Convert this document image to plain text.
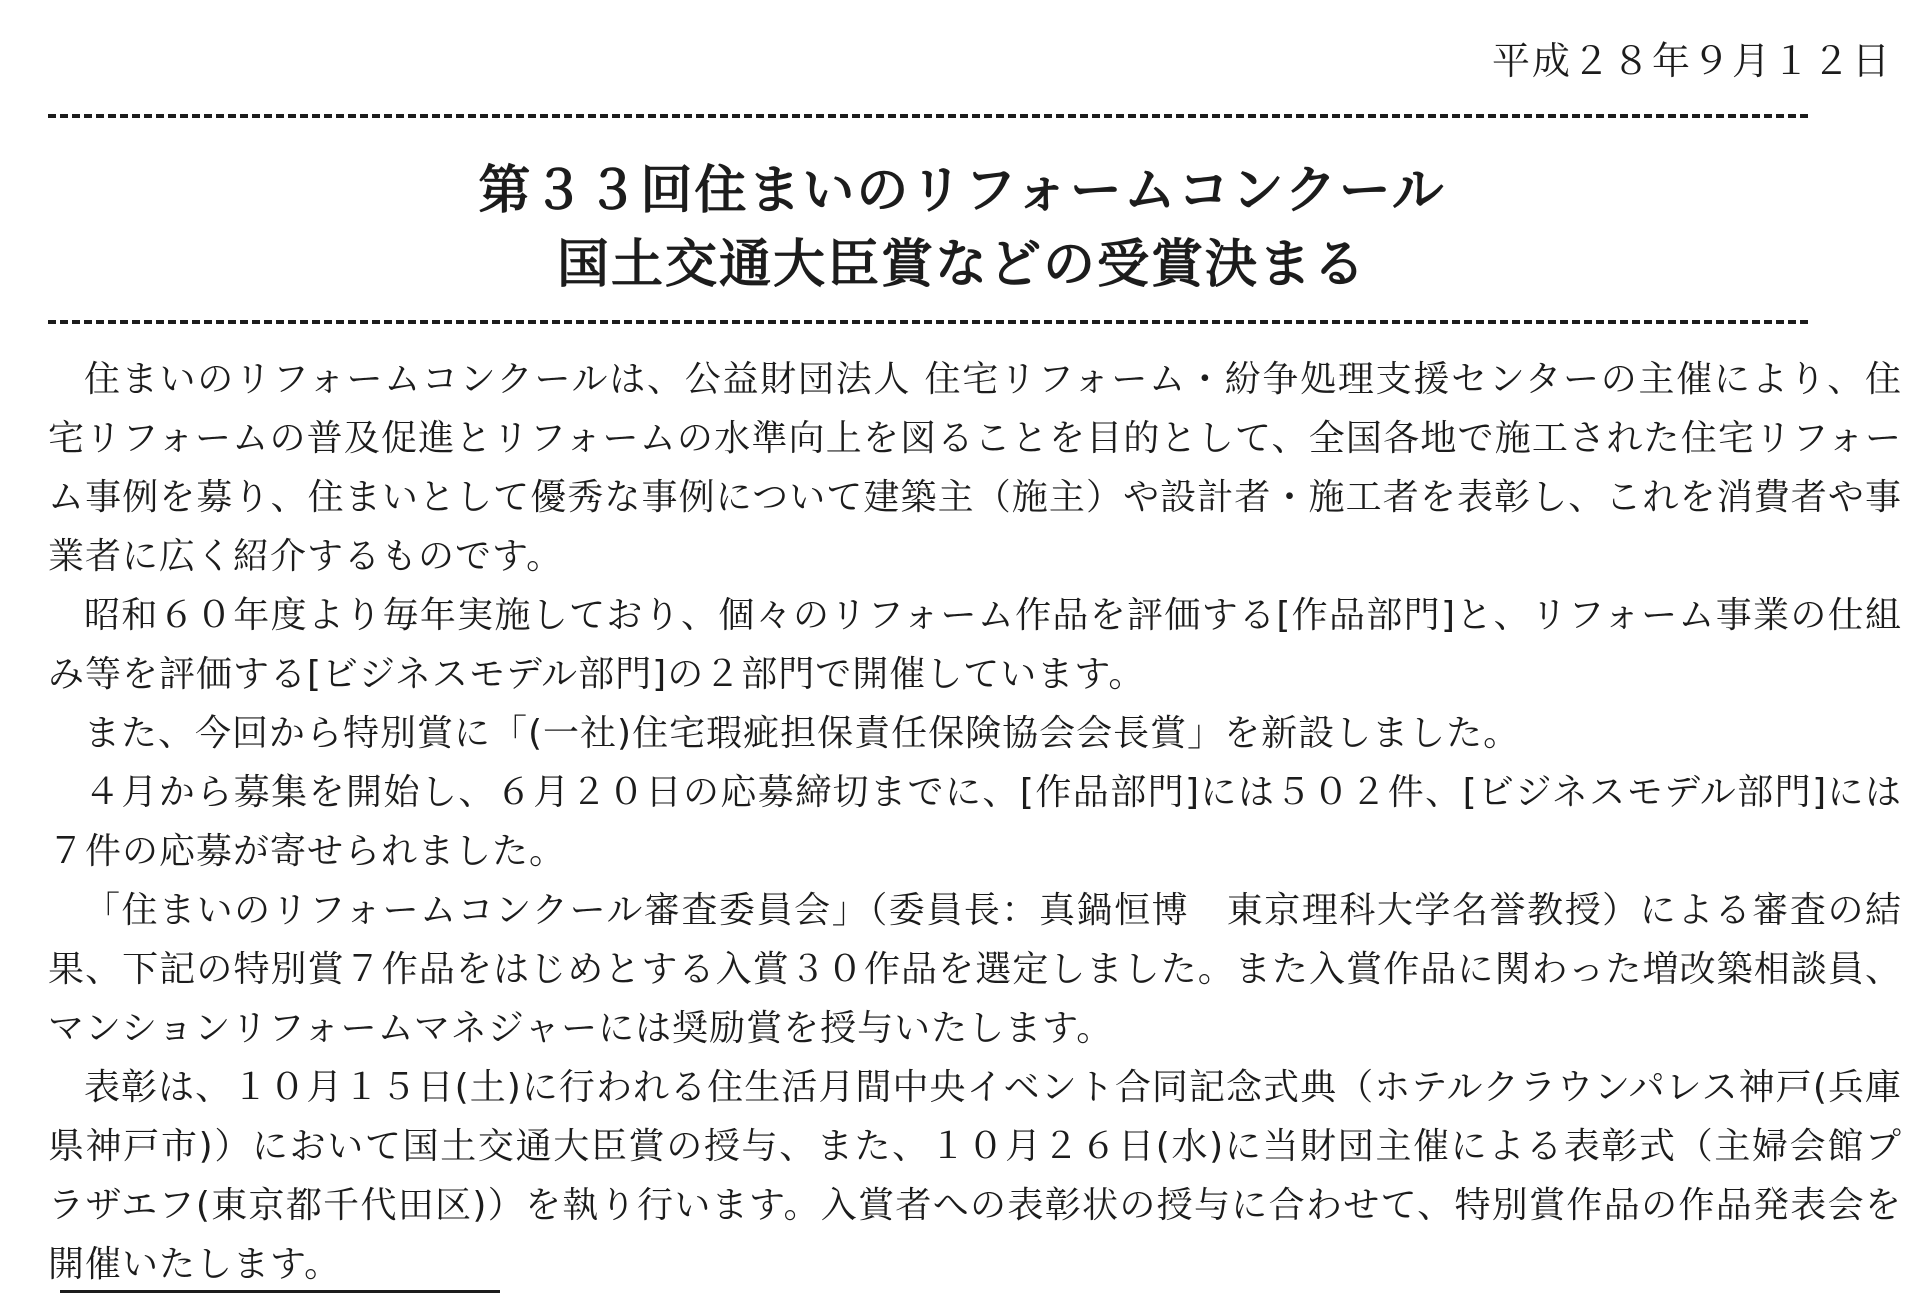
平成２８年９月１２日
第３３回住まいのリフォームコンクール
国土交通大臣賞などの受賞決まる

住まいのリフォームコンクールは、公益財団法人 住宅リフォーム・紛争処理支援センターの主催により、住宅リフォームの普及促進とリフォームの水準向上を図ることを目的として、全国各地で施工された住宅リフォーム事例を募り、住まいとして優秀な事例について建築主（施主）や設計者・施工者を表彰し、これを消費者や事業者に広く紹介するものです。

昭和６０年度より毎年実施しており、個々のリフォーム作品を評価する[作品部門]と、リフォーム事業の仕組み等を評価する[ビジネスモデル部門]の２部門で開催しています。

また、今回から特別賞に「(一社)住宅瑕疵担保責任保険協会会長賞」を新設しました。

４月から募集を開始し、６月２０日の応募締切までに、[作品部門]には５０２件、[ビジネスモデル部門]には７件の応募が寄せられました。

「住まいのリフォームコンクール審査委員会」（委員長：真鍋恒博　東京理科大学名誉教授）による審査の結果、下記の特別賞７作品をはじめとする入賞３０作品を選定しました。また入賞作品に関わった増改築相談員、マンションリフォームマネジャーには奨励賞を授与いたします。

表彰は、１０月１５日(土)に行われる住生活月間中央イベント合同記念式典（ホテルクラウンパレス神戸(兵庫県神戸市)）において国土交通大臣賞の授与、また、１０月２６日(水)に当財団主催による表彰式（主婦会館プラザエフ(東京都千代田区)）を執り行います。入賞者への表彰状の授与に合わせて、特別賞作品の作品発表会を開催いたします。
